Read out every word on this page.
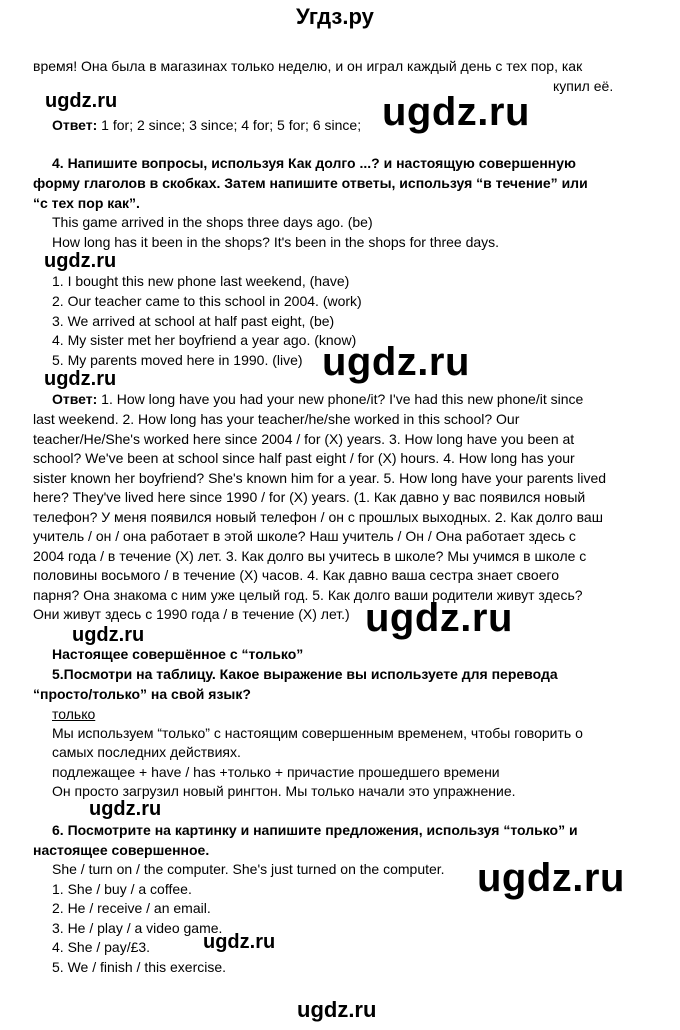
Угдз.ру
время! Она была в магазинах только неделю, и он играл каждый день с тех пор, как
купил её.
ugdz.ru	ugdz.ru
Ответ: 1 for; 2 since; 3 since; 4 for; 5 for; 6 since;
4. Напишите вопросы, используя Как долго ...? и настоящую совершенную
форму глаголов в скобках. Затем напишите ответы, используя “в течение” или
“с тех пор как”.
This game arrived in the shops three days ago. (be)
How long has it been in the shops? It's been in the shops for three days.
ugdz.ru
1. I bought this new phone last weekend, (have)
2. Our teacher came to this school in 2004. (work)
3. We arrived at school at half past eight, (be)
4. My sister met her boyfriend a year ago. (know)
5. My parents moved here in 1990. (live) ugdz.ru
ugdz.ru
Ответ: 1. How long have you had your new phone/it? I've had this new phone/it since
last weekend. 2. How long has your teacher/he/she worked in this school? Our
teacher/He/She's worked here since 2004 / for (X) years. 3. How long have you been at
school? We've been at school since half past eight / for (X) hours. 4. How long has your
sister known her boyfriend? She's known him for a year. 5. How long have your parents lived
here? They've lived here since 1990 / for (X) years. (1. Как давно у вас появился новый
телефон? У меня появился новый телефон / он с прошлых выходных. 2. Как долго ваш
учитель / он / она работает в этой школе? Наш учитель / Он / Она работает здесь с
2004 года / в течение (X) лет. 3. Как долго вы учитесь в школе? Мы учимся в школе с
половины восьмого / в течение (X) часов. 4. Как давно ваша сестра знает своего
парня? Она знакома с ним уже целый год. 5. Как долго ваши родители живут здесь?
Они живут здесь с 1990 года / в течение (X) лет.) ugdz.ru
ugdz.ru
Настоящее совершённое с “только”
5.Посмотри на таблицу. Какое выражение вы используете для перевода
“просто/только” на свой язык?
только
Мы используем “только” с настоящим совершенным временем, чтобы говорить о
самых последних действиях.
подлежащее + have / has +только + причастие прошедшего времени
Он просто загрузил новый рингтон. Мы только начали это упражнение.
ugdz.ru
6. Посмотрите на картинку и напишите предложения, используя “только” и
настоящее совершенное.
She / turn on / the computer. She's just turned on the computer. ugdz.ru
1. She / buy / a coffee.
2. He / receive / an email.
3. He / play / a video game.
4. She / pay/£3.
5. We / finish / this exercise.
ugdz.ru
ugdz.ru
